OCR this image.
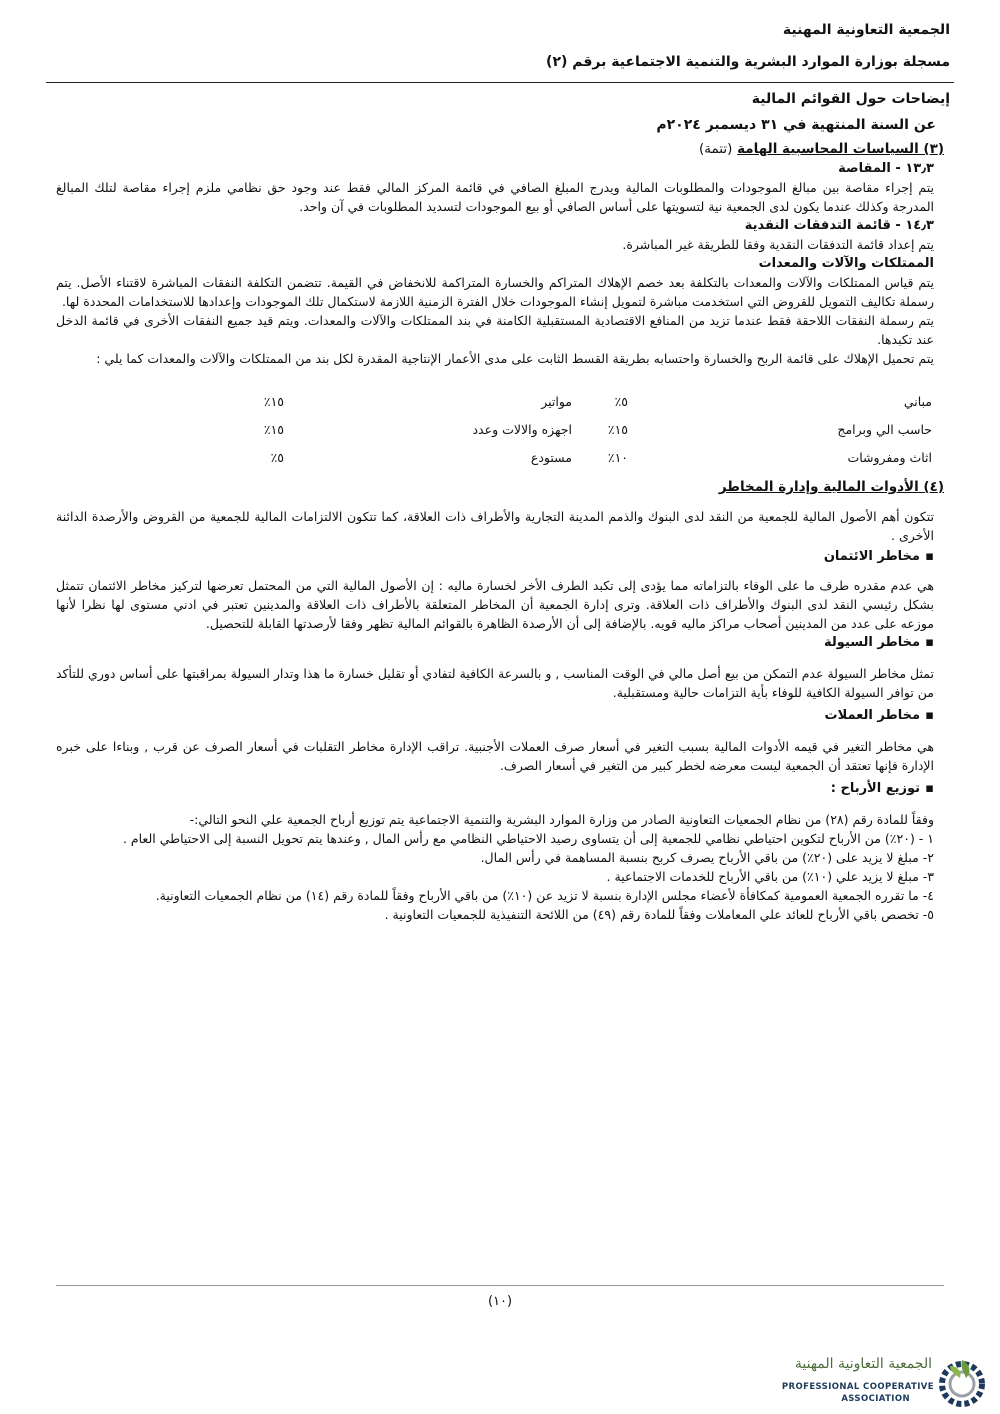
الجمعية التعاونية المهنية
مسجلة بوزارة الموارد البشرية والتنمية الاجتماعية برقم (٢)
إيضاحات حول القوائم المالية
عن السنة المنتهية في ٣١ ديسمبر ٢٠٢٤م
(٣) السياسات المحاسبية الهامة (تتمة)
١٣٫٣ - المقاصة

يتم إجراء مقاصة بين مبالغ الموجودات والمطلوبات المالية ويدرج المبلغ الصافي في قائمة المركز المالي فقط عند وجود حق نظامي ملزم إجراء مقاصة لتلك المبالغ المدرجة وكذلك عندما يكون لدى الجمعية نية لتسويتها على أساس الصافي أو بيع الموجودات لتسديد المطلوبات في آن واحد.

١٤٫٣ - قائمة التدفقات النقدية

يتم إعداد قائمة التدفقات النقدية وفقا للطريقة غير المباشرة.

الممتلكات والآلات والمعدات

يتم قياس الممتلكات والآلات والمعدات بالتكلفة بعد خصم الإهلاك المتراكم والخسارة المتراكمة للانخفاض في القيمة. تتضمن التكلفة النفقات المباشرة لاقتناء الأصل. يتم رسملة تكاليف التمويل للقروض التي استخدمت مباشرة لتمويل إنشاء الموجودات خلال الفترة الزمنية اللازمة لاستكمال تلك الموجودات وإعدادها للاستخدامات المحددة لها.

يتم رسملة النفقات اللاحقة فقط عندما تزيد من المنافع الاقتصادية المستقبلية الكامنة في بند الممتلكات والآلات والمعدات. ويتم قيد جميع النفقات الأخرى في قائمة الدخل عند تكبدها.

يتم تحميل الإهلاك على قائمة الربح والخسارة واحتسابه بطريقة القسط الثابت على مدى الأعمار الإنتاجية المقدرة لكل بند من الممتلكات والآلات والمعدات كما يلي :

مباني
٥٪
مواتير
١٥٪
حاسب الي وبرامج
١٥٪
اجهزه والالات وعدد
١٥٪
اثاث ومفروشات
١٠٪
مستودع
٥٪
(٤) الأدوات المالية وإدارة المخاطر

تتكون أهم الأصول المالية للجمعية من النقد لدى البنوك والذمم المدينة التجارية والأطراف ذات العلاقة، كما تتكون الالتزامات المالية للجمعية من القروض والأرصدة الدائنة الأخرى .

▪مخاطر الائتمان

هي عدم مقدره طرف ما على الوفاء بالتزاماته مما يؤدى إلى تكبد الطرف الأخر لخسارة ماليه : إن الأصول المالية التي من المحتمل تعرضها لتركيز مخاطر الائتمان تتمثل بشكل رئيسي النقد لدى البنوك والأطراف ذات العلاقة. وترى إدارة الجمعية أن المخاطر المتعلقة بالأطراف ذات العلاقة والمدينين تعتبر في ادني مستوى لها نظرا لأنها موزعه على عدد من المدينين أصحاب مراكز ماليه قويه. بالإضافة إلى أن الأرصدة الظاهرة بالقوائم المالية تظهر وفقا لأرصدتها القابلة للتحصيل.

▪مخاطر السيولة

تمثل مخاطر السيولة عدم التمكن من بيع أصل مالي في الوقت المناسب , و بالسرعة الكافية لتفادي أو تقليل خسارة ما هذا وتدار السيولة بمراقبتها على أساس دوري للتأكد من توافر السيولة الكافية للوفاء بأية التزامات حالية ومستقبلية.

▪مخاطر العملات

هي مخاطر التغير في قيمه الأدوات المالية بسبب التغير في أسعار صرف العملات الأجنبية. تراقب الإدارة مخاطر التقلبات في أسعار الصرف عن قرب , وبناءا على خبره الإدارة فإنها تعتقد أن الجمعية ليست معرضه لخطر كبير من التغير في أسعار الصرف.

▪توزيع الأرباح :
وفقاً للمادة رقم (٢٨) من نظام الجمعيات التعاونية الصادر من وزارة الموارد البشرية والتنمية الاجتماعية يتم توزيع أرباح الجمعية علي النحو التالي:-
١ - (٢٠٪) من الأرباح لتكوين احتياطي نظامي للجمعية إلى أن يتساوى رصيد الاحتياطي النظامي مع رأس المال , وعندها يتم تحويل النسبة إلى الاحتياطي العام .
٢- مبلغ لا يزيد على (٢٠٪) من باقي الأرباح يصرف كربح بنسبة المساهمة في رأس المال.
٣- مبلغ لا يزيد علي (١٠٪) من باقي الأرباح للخدمات الاجتماعية .
٤- ما تقرره الجمعية العمومية كمكافأة لأعضاء مجلس الإدارة بنسبة لا تزيد عن (١٠٪) من باقي الأرباح وفقاً للمادة رقم (١٤) من نظام الجمعيات التعاونية.
٥- تخصص باقي الأرباح للعائد علي المعاملات وفقاً للمادة رقم (٤٩) من اللائحة التنفيذية للجمعيات التعاونية .
(١٠)
الجمعية التعاونية المهنية
PROFESSIONAL COOPERATIVE
ASSOCIATION
